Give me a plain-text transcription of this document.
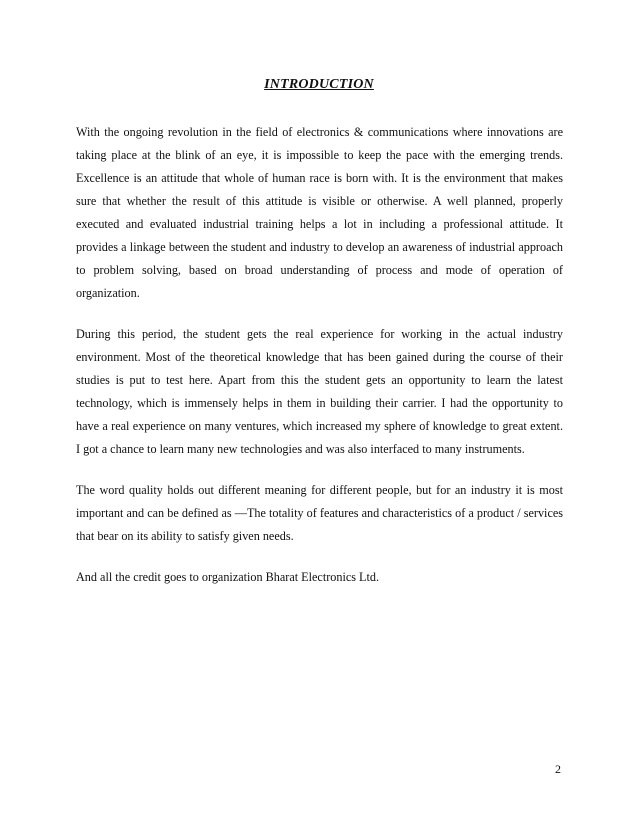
INTRODUCTION

With the ongoing revolution in the field of electronics & communications where innovations are taking place at the blink of an eye, it is impossible to keep the pace with the emerging trends. Excellence is an attitude that whole of human race is born with. It is the environment that makes sure that whether the result of this attitude is visible or otherwise. A well planned, properly executed and evaluated industrial training helps a lot in including a professional attitude. It provides a linkage between the student and industry to develop an awareness of industrial approach to problem solving, based on broad understanding of process and mode of operation of organization.

During this period, the student gets the real experience for working in the actual industry environment. Most of the theoretical knowledge that has been gained during the course of their studies is put to test here. Apart from this the student gets an opportunity to learn the latest technology, which is immensely helps in them in building their carrier. I had the opportunity to have a real experience on many ventures, which increased my sphere of knowledge to great extent. I got a chance to learn many new technologies and was also interfaced to many instruments.

The word quality holds out different meaning for different people, but for an industry it is most important and can be defined as ―The totality of features and characteristics of a product / services that bear on its ability to satisfy given needs.

And all the credit goes to organization Bharat Electronics Ltd.

2
